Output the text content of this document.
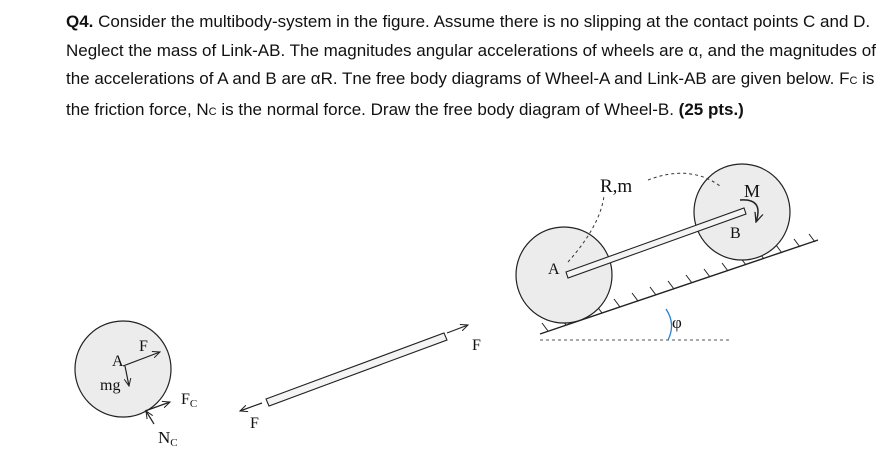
Q4. Consider the multibody-system in the figure. Assume there is no slipping at the contact points C and D. Neglect the mass of Link-AB. The magnitudes angular accelerations of wheels are α, and the magnitudes of the accelerations of A and B are αR. Tne free body diagrams of Wheel-A and Link-AB are given below. FC is the friction force, NC is the normal force. Draw the free body diagram of Wheel-B. (25 pts.)
R,m	M
B
A
φ
A
F
mg
FC
NC
F
F
